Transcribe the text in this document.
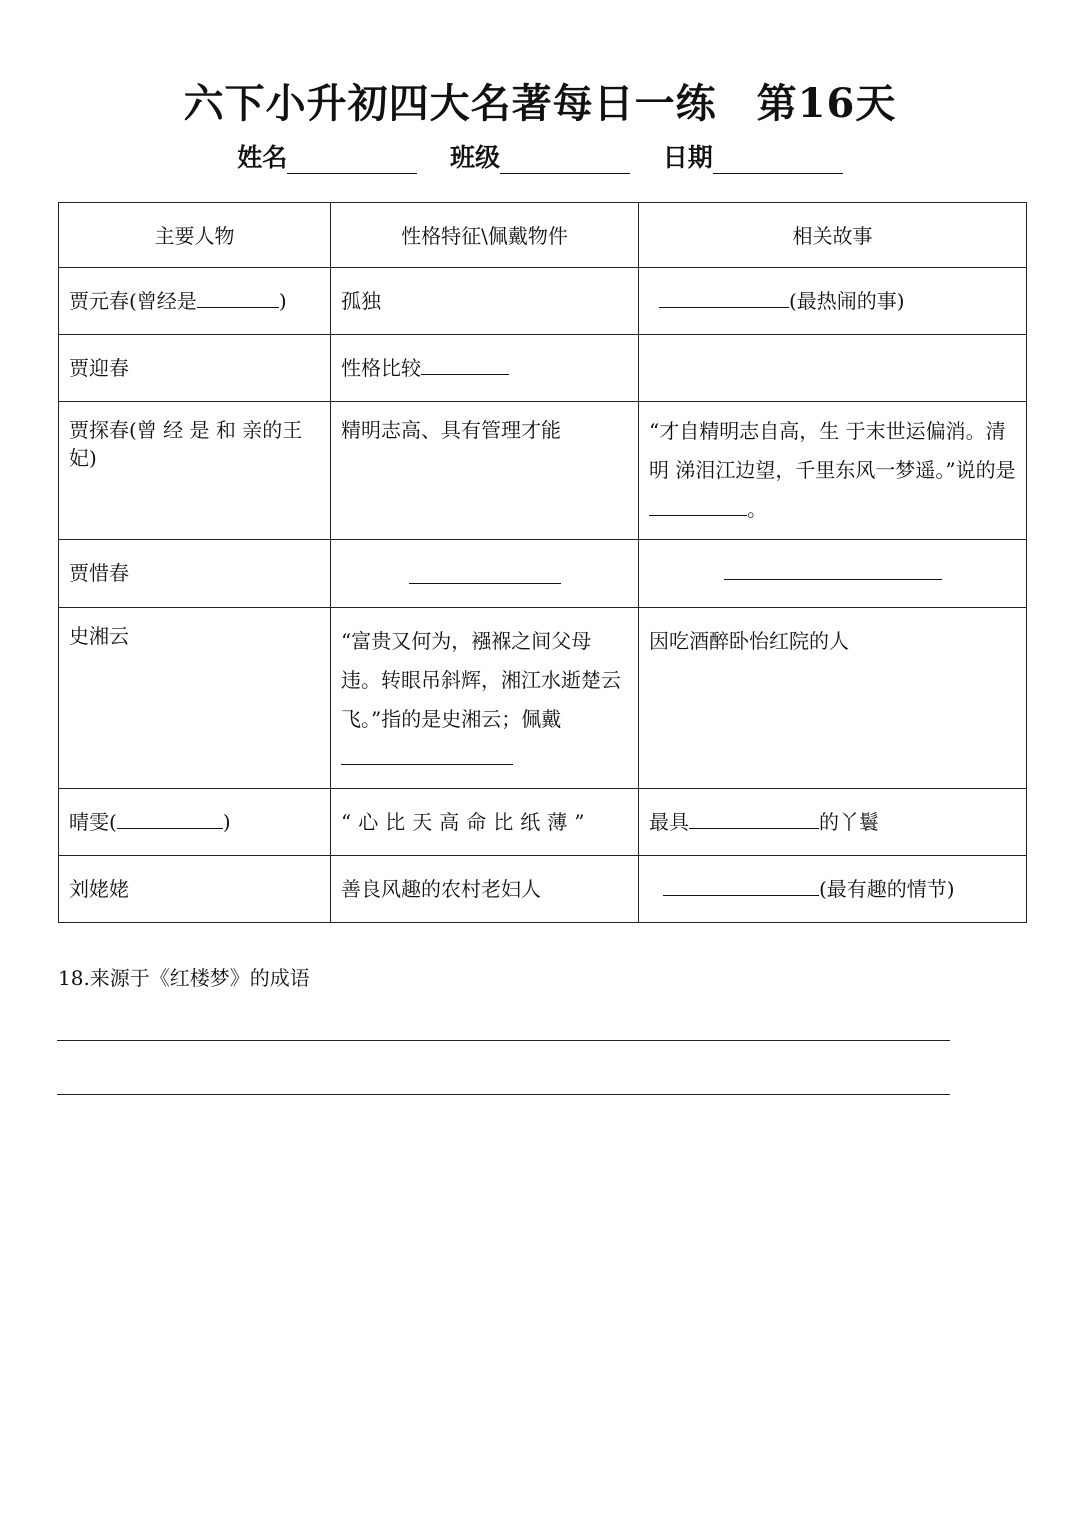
六下小升初四大名著每日一练 第16天
姓名	班级	日期
主要人物	性格特征\佩戴物件	相关故事
贾元春(曾经是 )	孤独	(最热闹的事)
贾迎春	性格比较	
贾探春(曾 经 是 和 亲的王妃)	精明志高、具有管理才能	“才自精明志自高，生 于末世运偏消。清明 涕泪江边望，千里东风一梦遥。”说的是。
贾惜春		
史湘云	“富贵又何为，襁褓之间父母违。转眼吊斜辉，湘江水逝楚云飞。”指的是史湘云；佩戴	因吃酒醉卧怡红院的人
晴雯( )	“心比天高命比纸薄”	最具 的丫鬟
刘姥姥	善良风趣的农村老妇人	(最有趣的情节)
18.来源于《红楼梦》的成语
